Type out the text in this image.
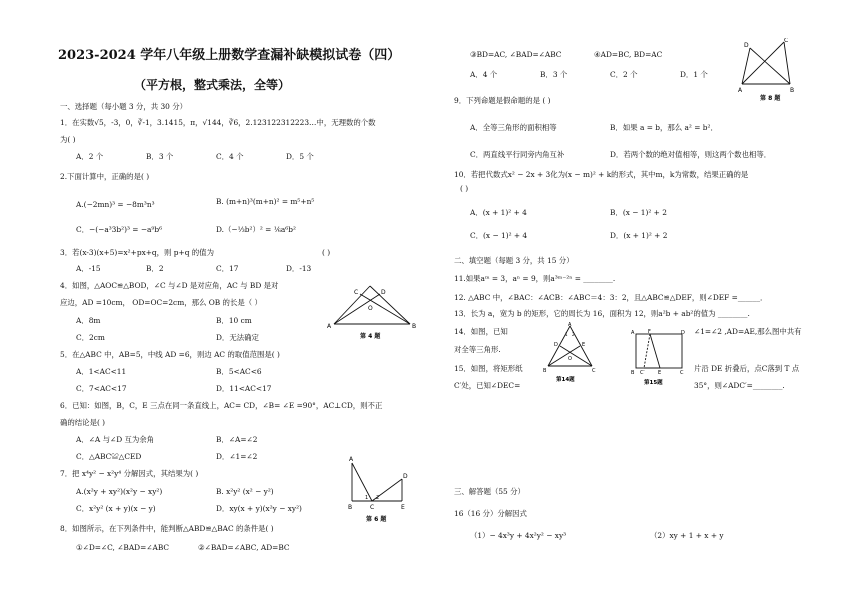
2023-2024 学年八年级上册数学查漏补缺模拟试卷（四）
（平方根，整式乘法，全等）
一、选择题（每小题 3 分，共 30 分）
1．在实数√5，-3，0，∛-1，3.1415，π，√144，∛6，2.123122312223…中，无理数的个数
为( )
A．2 个	B．3 个	C．4 个	D．5 个
2.下面计算中，正确的是( )
A.(−2mn)³ = −8m³n³	B. (m+n)³(m+n)² = m⁵+n⁵
C．−(−a³3b²)³ = −a⁹b⁶	D.（−⅓b²）² = ⅙a⁶b²
3．若(x-3)(x+5)=x²+px+q，则 p+q 的值为	( )
A．-15	B．2	C．17	D．-13
4．如图，△AOC≌△BOD，∠C 与∠D 是对应角，AC 与 BD 是对
应边，AD =10cm， OD=OC=2cm，那么 OB 的长是（ ）
A．8m	B．10 cm
C．2cm	D．无法确定
A	B
C	D
O
第 4 题
5．在△ABC 中，AB=5，中线 AD =6，则边 AC 的取值范围是( )
A．1<AC<11	B．5<AC<6
C．7<AC<17	D．11<AC<17
6．已知：如图，B，C，E 三点在同一条直线上，AC= CD，∠B= ∠E =90°，AC⊥CD，则不正
确的结论是( )
A．∠A 与∠D 互为余角	B．∠A=∠2
C．△ABC≌△CED	D．∠1=∠2
7．把 x⁴y² − x²y⁴ 分解因式，其结果为( )
A.(x²y + xy²)(x²y − xy²)	B. x²y² (x² − y²)
C．x²y² (x + y)(x − y)	D．xy(x + y)(x²y − xy²)
A
B	C
D
E
1 2
第 6 题
8．如图所示，在下列条件中，能判断△ABD≌△BAC 的条件是( )
①∠D=∠C, ∠BAD=∠ABC	②∠BAD=∠ABC, AD=BC
③BD=AC, ∠BAD=∠ABC	④AD=BC, BD=AC
A．4 个	B．3 个	C．2 个	D．1 个
A	B
C
D
第 8 题
9．下列命题是假命题的是 ( )
A．全等三角形的面积相等	B．如果 a = b，那么 a² = b²．
C．两直线平行同旁内角互补	D．若两个数的绝对值相等，则这两个数也相等．
10．若把代数式x² − 2x + 3化为(x − m)² + k的形式，其中m，k为常数，结果正确的是
( )
A．(x + 1)² + 4	B．(x − 1)² + 2
C．(x − 1)² + 4	D．(x + 1)² + 2
二、填空题（每题 3 分，共 15 分）
11.如果aᵐ = 3，aⁿ = 9，则a³ᵐ⁻²ⁿ = ________.
12. △ABC 中，∠BAC：∠ACB：∠ABC＝4：3：2，且△ABC≌△DEF，则∠DEF =______．
13．长为 a，宽为 b 的矩形，它的周长为 16，面积为 12，则a²b + ab²的值为 ________.
14．如图，已知	∠1=∠2 ,AD=AE,那么图中共有
对全等三角形.
A
B	C
D	E
O
1 2
第14题
15．如图，将矩形纸	片沿 DE 折叠后，点C落到 T 点
C′处，已知∠DEC=	35°，则∠ADC′=________.
A
B	C
D
E
F
C′
第15题
三、解答题（55 分）
16（16 分）分解因式
（1）− 4x³y + 4x²y² − xy³	（2）xy + 1 + x + y
